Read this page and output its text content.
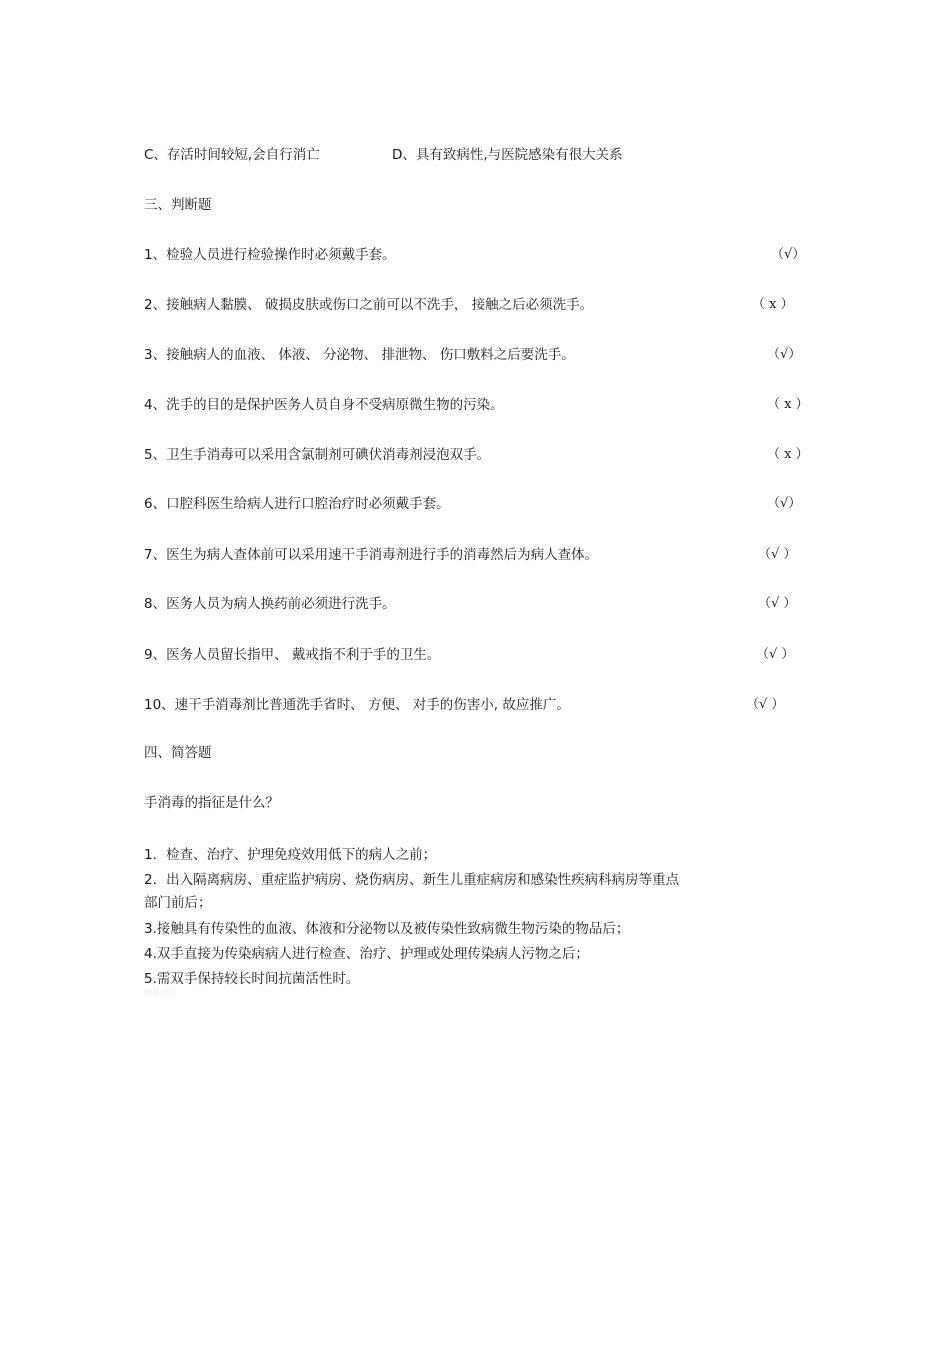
C、存活时间较短,会自行消亡	D、具有致病性,与医院感染有很大关系
三、判断题
1、检验人员进行检验操作时必须戴手套。	（√）
2、接触病人黏膜、 破损皮肤或伤口之前可以不洗手， 接触之后必须洗手。	（ x ）
3、接触病人的血液、 体液、 分泌物、 排泄物、 伤口敷料之后要洗手。	（√）
4、洗手的目的是保护医务人员自身不受病原微生物的污染。	（ x ）
5、卫生手消毒可以采用含氯制剂可碘伏消毒剂浸泡双手。	（ x ）
6、口腔科医生给病人进行口腔治疗时必须戴手套。	（√）
7、医生为病人查体前可以采用速干手消毒剂进行手的消毒然后为病人查体。	（√ ）
8、医务人员为病人换药前必须进行洗手。	（√ ）
9、医务人员留长指甲、 戴戒指不利于手的卫生。	（√ ）
10、速干手消毒剂比普通洗手省时、 方便、 对手的伤害小, 故应推广。	（√ ）
四、简答题
手消毒的指征是什么？
1．检查、治疗、护理免疫效用低下的病人之前；
2．出入隔离病房、重症监护病房、烧伤病房、新生儿重症病房和感染性疾病科病房等重点
部门前后；
3.接触具有传染性的血液、体液和分泌物以及被传染性致病微生物污染的物品后；
4.双手直接为传染病病人进行检查、治疗、护理或处理传染病人污物之后；
5.需双手保持较长时间抗菌活性时。
精品文档
